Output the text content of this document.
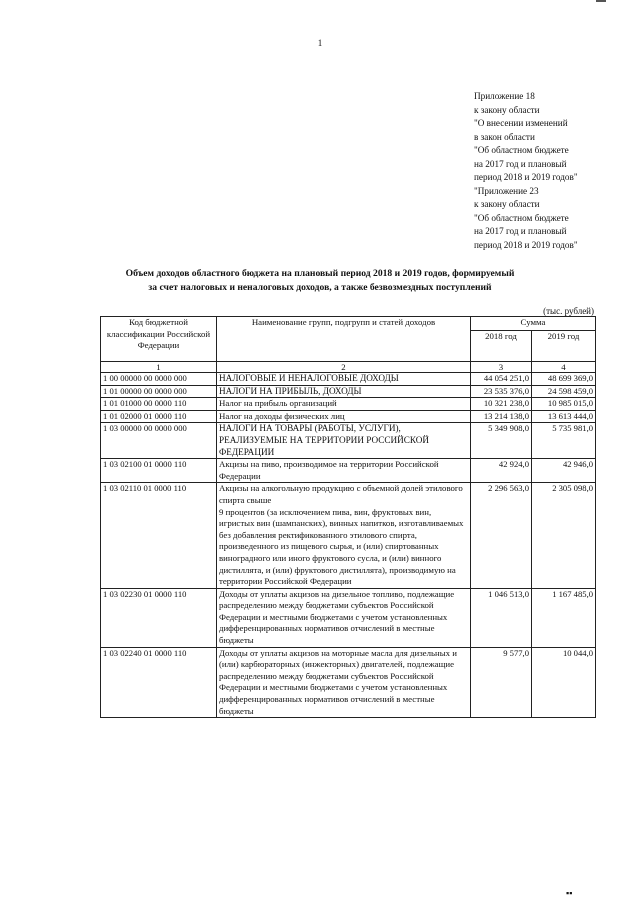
1
Приложение 18
к закону области
"О внесении изменений
в закон области
"Об областном бюджете
на 2017 год и плановый
период 2018 и 2019 годов"
"Приложение 23
к закону области
"Об областном бюджете
на 2017 год и плановый
период 2018 и 2019 годов"
Объем доходов областного бюджета на плановый период 2018 и 2019 годов, формируемый
за счет налоговых и неналоговых доходов, а также безвозмездных поступлений
(тыс. рублей)
Код бюджетной классификации Российской Федерации	Наименование групп, подгрупп и статей доходов	Сумма	
		2018 год	2019 год
1	2	3	4
1 00 00000 00 0000 000	НАЛОГОВЫЕ И НЕНАЛОГОВЫЕ ДОХОДЫ	44 054 251,0	48 699 369,0
1 01 00000 00 0000 000	НАЛОГИ НА ПРИБЫЛЬ, ДОХОДЫ	23 535 376,0	24 598 459,0
1 01 01000 00 0000 110	Налог на прибыль организаций	10 321 238,0	10 985 015,0
1 01 02000 01 0000 110	Налог на доходы физических лиц	13 214 138,0	13 613 444,0
1 03 00000 00 0000 000	НАЛОГИ НА ТОВАРЫ (РАБОТЫ, УСЛУГИ), РЕАЛИЗУЕМЫЕ НА ТЕРРИТОРИИ РОССИЙСКОЙ ФЕДЕРАЦИИ	5 349 908,0	5 735 981,0
1 03 02100 01 0000 110	Акцизы на пиво, производимое на территории Российской Федерации	42 924,0	42 946,0
1 03 02110 01 0000 110	Акцизы на алкогольную продукцию с объемной долей этилового спирта свыше
9 процентов (за исключением пива, вин, фруктовых вин, игристых вин (шампанских), винных напитков, изготавливаемых без добавления ректификованного этилового спирта, произведенного из пищевого сырья, и (или) спиртованных виноградного или иного фруктового сусла, и (или) винного дистиллята, и (или) фруктового дистиллята), производимую на территории Российской Федерации	2 296 563,0	2 305 098,0
1 03 02230 01 0000 110	Доходы от уплаты акцизов на дизельное топливо, подлежащие распределению между бюджетами субъектов Российской Федерации и местными бюджетами с учетом установленных дифференцированных нормативов отчислений в местные бюджеты	1 046 513,0	1 167 485,0
1 03 02240 01 0000 110	Доходы от уплаты акцизов на моторные масла для дизельных и (или) карбюраторных (инжекторных) двигателей, подлежащие распределению между бюджетами субъектов Российской Федерации и местными бюджетами с учетом установленных дифференцированных нормативов отчислений в местные бюджеты	9 577,0	10 044,0
▪▪
